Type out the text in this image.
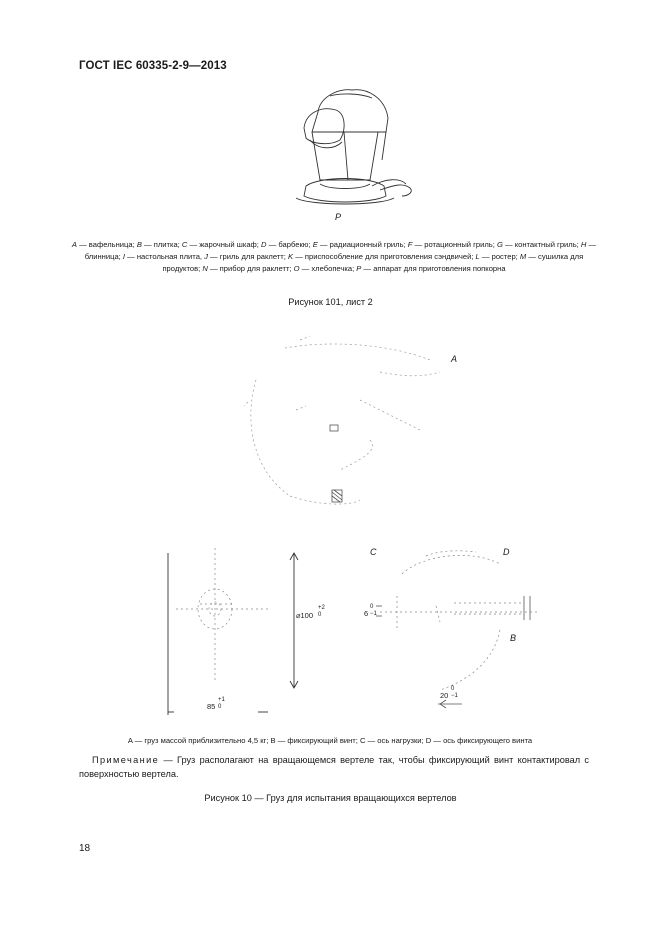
ГОСТ IEC 60335-2-9—2013
P
A — вафельница; B — плитка; C — жарочный шкаф; D — барбекю; E — радиационный гриль; F — ротационный гриль; G — контактный гриль; H — блинница; I — настольная плита, J — гриль для раклетт; K — приспособление для приготовления сэндвичей; L — ростер; M — сушилка для продуктов; N — прибор для раклетт; O — хлебопечка; P — аппарат для приготовления попкорна
Рисунок 101, лист 2
A
C	D
B
⌀100
+2
0
85
+1
0
6
0
−1
20
0
−1
A — груз массой приблизительно 4,5 кг; B — фиксирующий винт; C — ось нагрузки; D — ось фиксирующего винта
Примечание — Груз располагают на вращающемся вертеле так, чтобы фиксирующий винт контактировал с поверхностью вертела.
Рисунок 10 — Груз для испытания вращающихся вертелов
18
